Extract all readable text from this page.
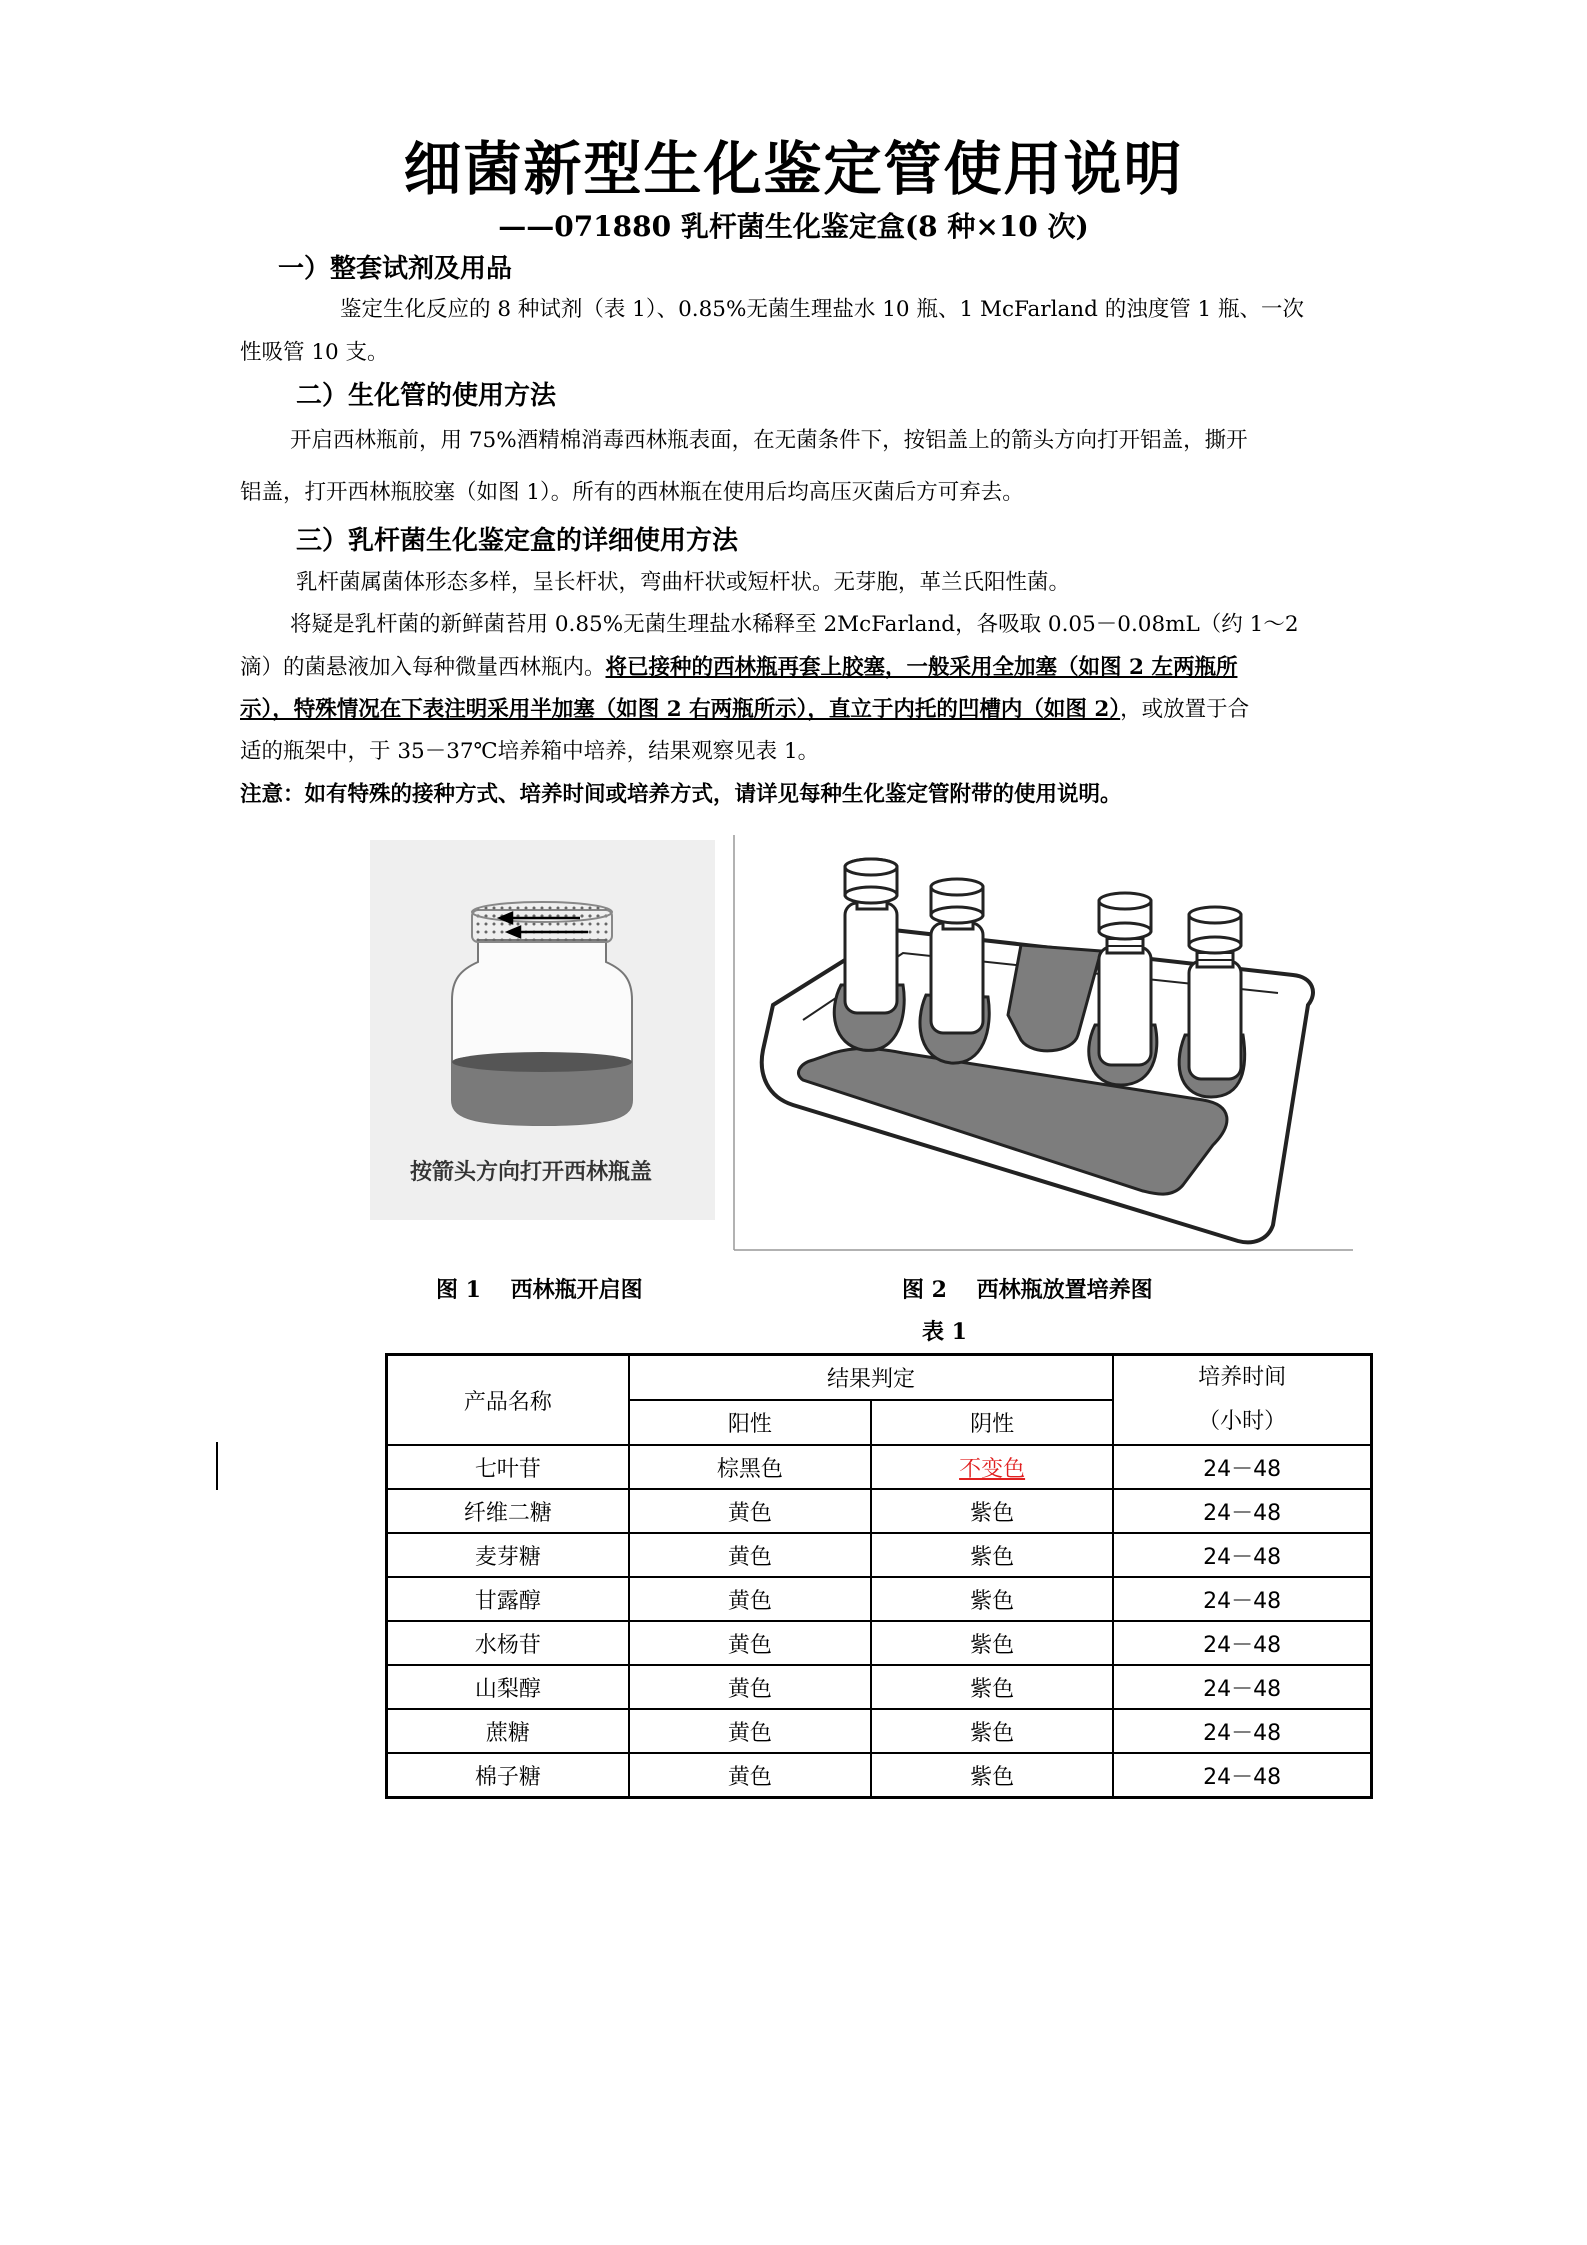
细菌新型生化鉴定管使用说明
——071880 乳杆菌生化鉴定盒(8 种×10 次)
一）整套试剂及用品
鉴定生化反应的 8 种试剂（表 1）、0.85%无菌生理盐水 10 瓶、1 McFarland 的浊度管 1 瓶、一次
性吸管 10 支。
二）生化管的使用方法
开启西林瓶前，用 75%酒精棉消毒西林瓶表面，在无菌条件下，按铝盖上的箭头方向打开铝盖，撕开
铝盖，打开西林瓶胶塞（如图 1）。所有的西林瓶在使用后均高压灭菌后方可弃去。
三）乳杆菌生化鉴定盒的详细使用方法
乳杆菌属菌体形态多样，呈长杆状，弯曲杆状或短杆状。无芽胞，革兰氏阳性菌。
将疑是乳杆菌的新鲜菌苔用 0.85%无菌生理盐水稀释至 2McFarland，各吸取 0.05－0.08mL（约 1～2
滴）的菌悬液加入每种微量西林瓶内。将已接种的西林瓶再套上胶塞，一般采用全加塞（如图 2 左两瓶所
示），特殊情况在下表注明采用半加塞（如图 2 右两瓶所示），直立于内托的凹槽内（如图 2），或放置于合
适的瓶架中，于 35－37℃培养箱中培养，结果观察见表 1。
注意：如有特殊的接种方式、培养时间或培养方式，请详见每种生化鉴定管附带的使用说明。
按箭头方向打开西林瓶盖
图 1　 西林瓶开启图	图 2　 西林瓶放置培养图
表 1
产品名称	结果判定		培养时间
（小时）

	阳性	阴性	
七叶苷	棕黑色	不变色	24－48
纤维二糖	黄色	紫色	24－48
麦芽糖	黄色	紫色	24－48
甘露醇	黄色	紫色	24－48
水杨苷	黄色	紫色	24－48
山梨醇	黄色	紫色	24－48
蔗糖	黄色	紫色	24－48
棉子糖	黄色	紫色	24－48
